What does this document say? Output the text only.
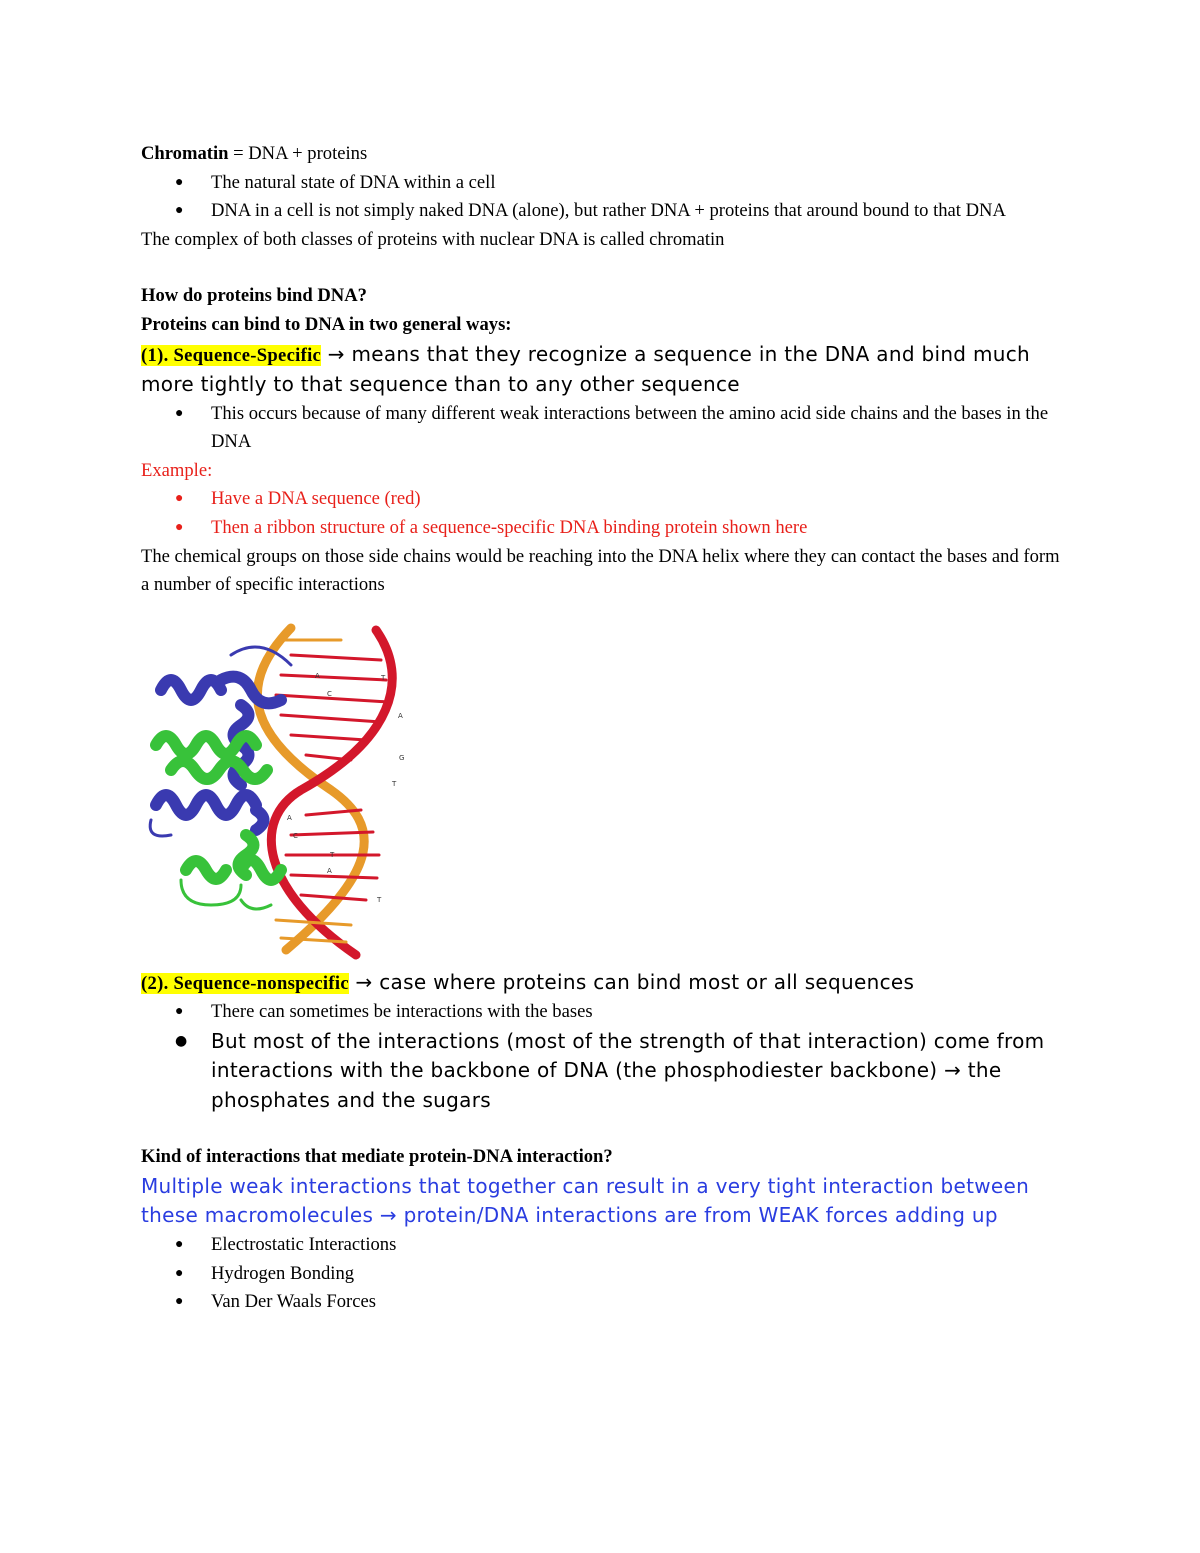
Chromatin = DNA + proteins
● The natural state of DNA within a cell
● DNA in a cell is not simply naked DNA (alone), but rather DNA + proteins that around bound to that DNA
The complex of both classes of proteins with nuclear DNA is called chromatin
How do proteins bind DNA?
Proteins can bind to DNA in two general ways:
(1). Sequence-Specific → means that they recognize a sequence in the DNA and bind much more tightly to that sequence than to any other sequence
● This occurs because of many different weak interactions between the amino acid side chains and the bases in the DNA
Example:
● Have a DNA sequence (red)
● Then a ribbon structure of a sequence-specific DNA binding protein shown here
The chemical groups on those side chains would be reaching into the DNA helix where they can contact the bases and form a number of specific interactions
(2). Sequence-nonspecific → case where proteins can bind most or all sequences
● There can sometimes be interactions with the bases
● But most of the interactions (most of the strength of that interaction) come from interactions with the backbone of DNA (the phosphodiester backbone) → the phosphates and the sugars
Kind of interactions that mediate protein-DNA interaction?
Multiple weak interactions that together can result in a very tight interaction between these macromolecules → protein/DNA interactions are from WEAK forces adding up
● Electrostatic Interactions
● Hydrogen Bonding
● Van Der Waals Forces
A
C
T
A
G
T
A
C
T
A
T
